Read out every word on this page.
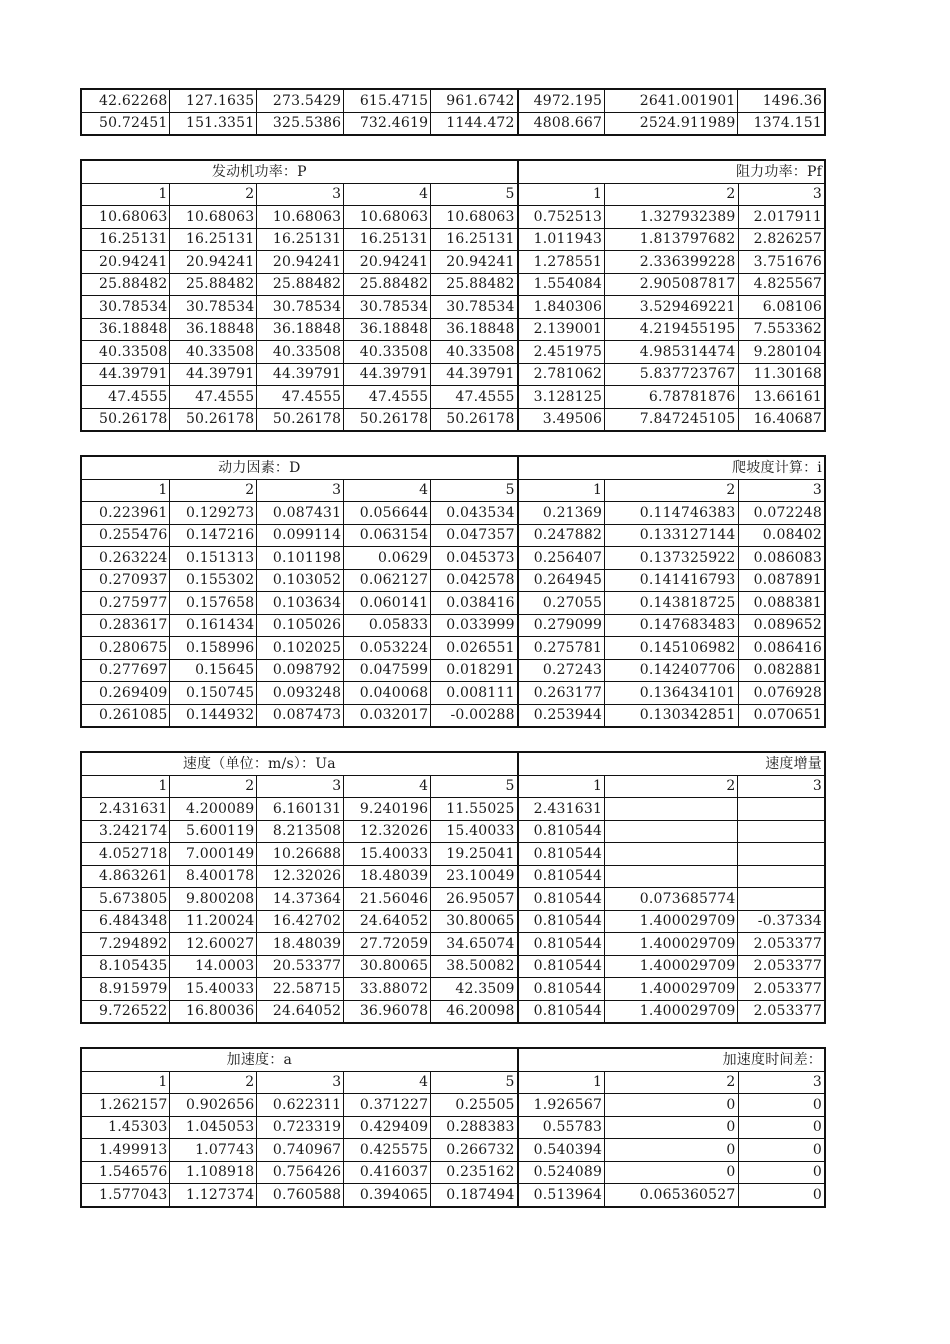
42.62268	127.1635	273.5429	615.4715	961.6742	4972.195	2641.001901	1496.36
50.72451	151.3351	325.5386	732.4619	1144.472	4808.667	2524.911989	1374.151
发动机功率：P					阻力功率：Pf		
1	2	3	4	5	1	2	3
10.68063	10.68063	10.68063	10.68063	10.68063	0.752513	1.327932389	2.017911
16.25131	16.25131	16.25131	16.25131	16.25131	1.011943	1.813797682	2.826257
20.94241	20.94241	20.94241	20.94241	20.94241	1.278551	2.336399228	3.751676
25.88482	25.88482	25.88482	25.88482	25.88482	1.554084	2.905087817	4.825567
30.78534	30.78534	30.78534	30.78534	30.78534	1.840306	3.529469221	6.08106
36.18848	36.18848	36.18848	36.18848	36.18848	2.139001	4.219455195	7.553362
40.33508	40.33508	40.33508	40.33508	40.33508	2.451975	4.985314474	9.280104
44.39791	44.39791	44.39791	44.39791	44.39791	2.781062	5.837723767	11.30168
47.4555	47.4555	47.4555	47.4555	47.4555	3.128125	6.78781876	13.66161
50.26178	50.26178	50.26178	50.26178	50.26178	3.49506	7.847245105	16.40687
动力因素：D					爬坡度计算：i		
1	2	3	4	5	1	2	3
0.223961	0.129273	0.087431	0.056644	0.043534	0.21369	0.114746383	0.072248
0.255476	0.147216	0.099114	0.063154	0.047357	0.247882	0.133127144	0.08402
0.263224	0.151313	0.101198	0.0629	0.045373	0.256407	0.137325922	0.086083
0.270937	0.155302	0.103052	0.062127	0.042578	0.264945	0.141416793	0.087891
0.275977	0.157658	0.103634	0.060141	0.038416	0.27055	0.143818725	0.088381
0.283617	0.161434	0.105026	0.05833	0.033999	0.279099	0.147683483	0.089652
0.280675	0.158996	0.102025	0.053224	0.026551	0.275781	0.145106982	0.086416
0.277697	0.15645	0.098792	0.047599	0.018291	0.27243	0.142407706	0.082881
0.269409	0.150745	0.093248	0.040068	0.008111	0.263177	0.136434101	0.076928
0.261085	0.144932	0.087473	0.032017	-0.00288	0.253944	0.130342851	0.070651
速度（单位：m/s）：Ua					速度增量		
1	2	3	4	5	1	2	3
2.431631	4.200089	6.160131	9.240196	11.55025	2.431631		
3.242174	5.600119	8.213508	12.32026	15.40033	0.810544		
4.052718	7.000149	10.26688	15.40033	19.25041	0.810544		
4.863261	8.400178	12.32026	18.48039	23.10049	0.810544		
5.673805	9.800208	14.37364	21.56046	26.95057	0.810544	0.073685774	
6.484348	11.20024	16.42702	24.64052	30.80065	0.810544	1.400029709	-0.37334
7.294892	12.60027	18.48039	27.72059	34.65074	0.810544	1.400029709	2.053377
8.105435	14.0003	20.53377	30.80065	38.50082	0.810544	1.400029709	2.053377
8.915979	15.40033	22.58715	33.88072	42.3509	0.810544	1.400029709	2.053377
9.726522	16.80036	24.64052	36.96078	46.20098	0.810544	1.400029709	2.053377
加速度：a					加速度时间差：		
1	2	3	4	5	1	2	3
1.262157	0.902656	0.622311	0.371227	0.25505	1.926567	0	0
1.45303	1.045053	0.723319	0.429409	0.288383	0.55783	0	0
1.499913	1.07743	0.740967	0.425575	0.266732	0.540394	0	0
1.546576	1.108918	0.756426	0.416037	0.235162	0.524089	0	0
1.577043	1.127374	0.760588	0.394065	0.187494	0.513964	0.065360527	0
